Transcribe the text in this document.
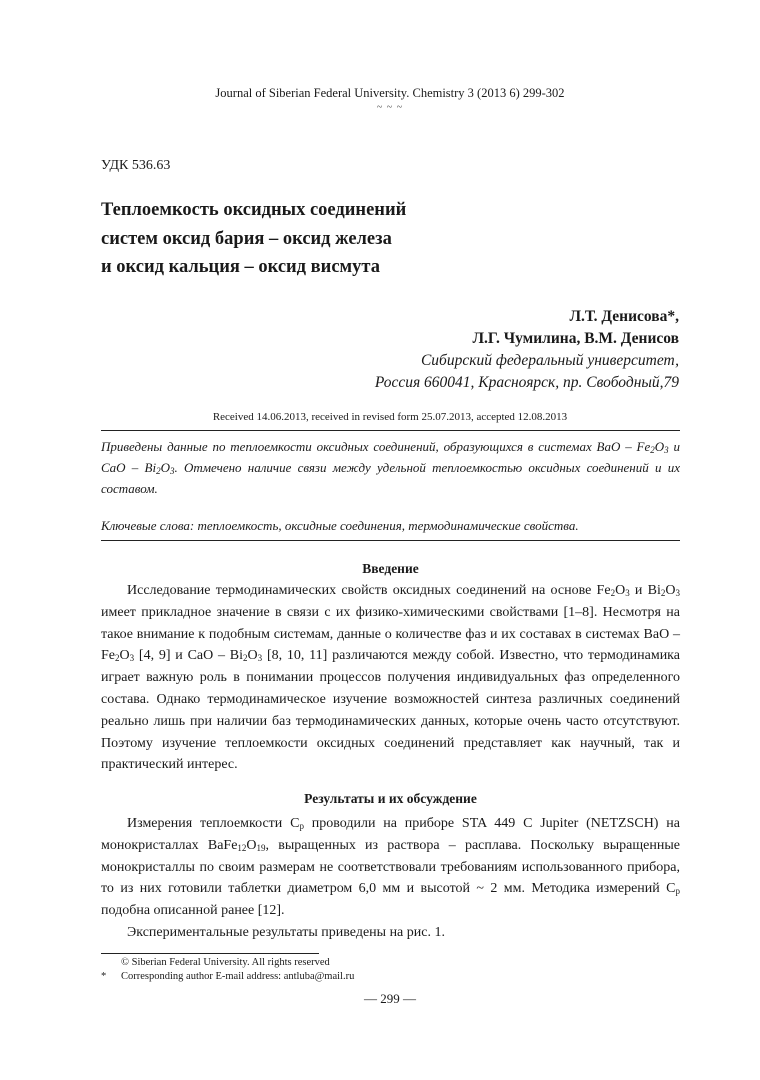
Journal of Siberian Federal University. Chemistry 3 (2013 6) 299-302
~ ~ ~
УДК 536.63
Теплоемкость оксидных соединений
систем оксид бария – оксид железа
и оксид кальция – оксид висмута
Л.Т. Денисова*,
Л.Г. Чумилина, В.М. Денисов
Сибирский федеральный университет,
Россия 660041, Красноярск, пр. Свободный,79
Received 14.06.2013, received in revised form 25.07.2013, accepted 12.08.2013
Приведены данные по теплоемкости оксидных соединений, образующихся в системах BaO – $Fe_2O_3$ и CaO – $Bi_2O_3$. Отмечено наличие связи между удельной теплоемкостью оксидных соединений и их составом.
Ключевые слова: теплоемкость, оксидные соединения, термодинамические свойства.
Введение

Исследование термодинамических свойств оксидных соединений на основе $Fe_2O_3$ и $Bi_2O_3$ имеет прикладное значение в связи с их физико-химическими свойствами [1–8]. Несмотря на такое внимание к подобным системам, данные о количестве фаз и их составах в системах BaO – $Fe_2O_3$ [4, 9] и CaO – $Bi_2O_3$ [8, 10, 11] различаются между собой. Известно, что термодинамика играет важную роль в понимании процессов получения индивидуальных фаз определенного состава. Однако термодинамическое изучение возможностей синтеза различных соединений реально лишь при наличии баз термодинамических данных, которые очень часто отсутствуют. Поэтому изучение теплоемкости оксидных соединений представляет как научный, так и практический интерес.

Результаты и их обсуждение

Измерения теплоемкости $C_p$ проводили на приборе STA 449 C Jupiter (NETZSCH) на монокристаллах $BaFe_{12}O_{19}$, выращенных из раствора – расплава. Поскольку выращенные монокристаллы по своим размерам не соответствовали требованиям использованного прибора, то из них готовили таблетки диаметром 6,0 мм и высотой ~ 2 мм. Методика измерений $C_p$ подобна описанной ранее [12].

Экспериментальные результаты приведены на рис. 1.

© Siberian Federal University. All rights reserved
* Corresponding author E-mail address: antluba@mail.ru
— 299 —
